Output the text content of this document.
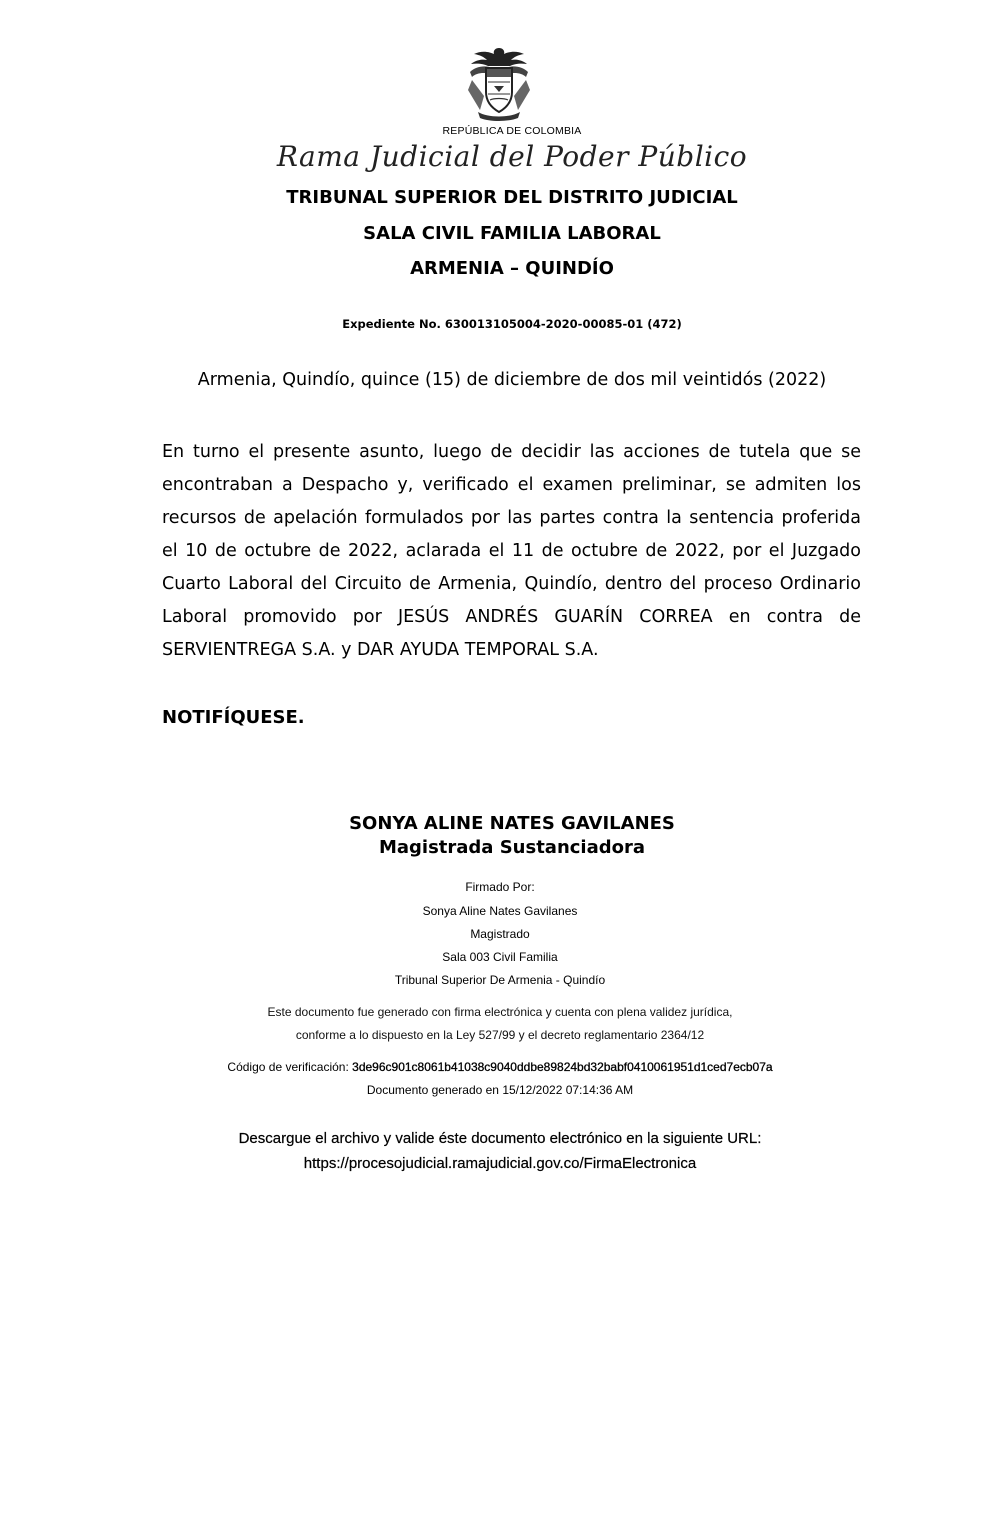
REPÚBLICA DE COLOMBIA
Rama Judicial del Poder Público
TRIBUNAL SUPERIOR DEL DISTRITO JUDICIAL
SALA CIVIL FAMILIA LABORAL
ARMENIA – QUINDÍO
Expediente No. 630013105004-2020-00085-01 (472)
Armenia, Quindío, quince (15) de diciembre de dos mil veintidós (2022)
En turno el presente asunto, luego de decidir las acciones de tutela que se encontraban a Despacho y, verificado el examen preliminar, se admiten los recursos de apelación formulados por las partes contra la sentencia proferida el 10 de octubre de 2022, aclarada el 11 de octubre de 2022, por el Juzgado Cuarto Laboral del Circuito de Armenia, Quindío, dentro del proceso Ordinario Laboral promovido por JESÚS ANDRÉS GUARÍN CORREA en contra de SERVIENTREGA S.A. y DAR AYUDA TEMPORAL S.A.
NOTIFÍQUESE.
SONYA ALINE NATES GAVILANES
Magistrada Sustanciadora
Firmado Por:
Sonya Aline Nates Gavilanes
Magistrado
Sala 003 Civil Familia
Tribunal Superior De Armenia - Quindío
Este documento fue generado con firma electrónica y cuenta con plena validez jurídica,
conforme a lo dispuesto en la Ley 527/99 y el decreto reglamentario 2364/12
Código de verificación: 3de96c901c8061b41038c9040ddbe89824bd32babf0410061951d1ced7ecb07a
Documento generado en 15/12/2022 07:14:36 AM
Descargue el archivo y valide éste documento electrónico en la siguiente URL:
https://procesojudicial.ramajudicial.gov.co/FirmaElectronica
